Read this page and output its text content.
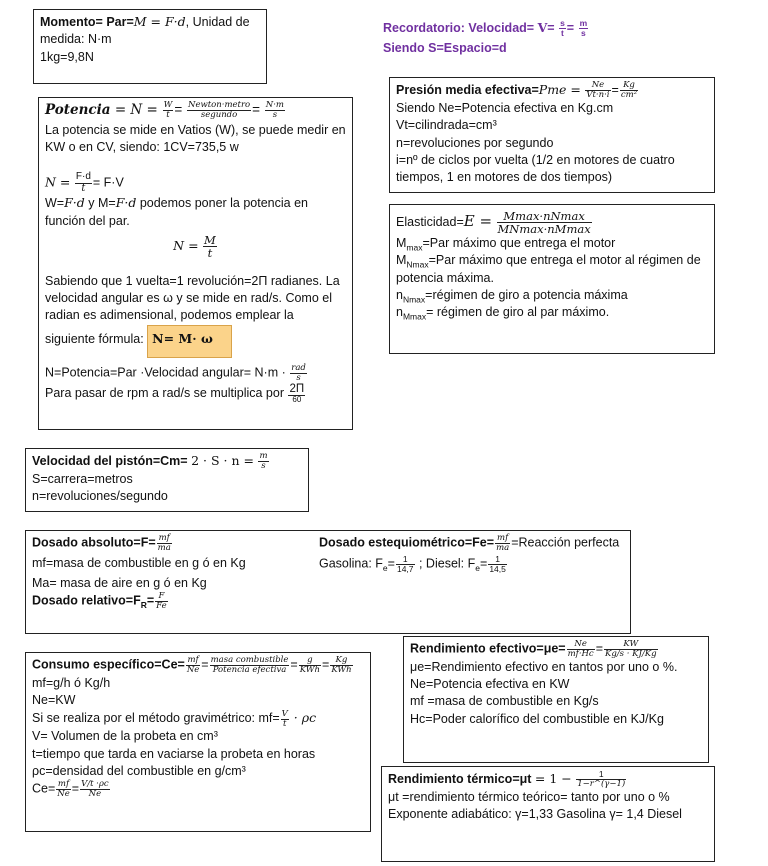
Momento= Par=M = F·d, Unidad de
medida: N·m
1kg=9,8N
Recordatorio: Velocidad= $V= \frac{s}{t} = \frac{m}{s}$
Siendo S=Espacio=d
Potencia = $N = \frac{W}{t} = \frac{\text{Newton·metro}}{\text{segundo}} = \frac{N\cdot m}{s}$
La potencia se mide en Vatios (W), se puede medir en KW o en CV, siendo: 1CV=735,5 w
$N = \frac{F\cdot d}{t} = F\cdot V$
W=F·d y M=F·d podemos poner la potencia en función del par.
$N = \frac{M}{t}$
Sabiendo que 1 vuelta=1 revolución=2Π radianes. La velocidad angular es ω y se mide en rad/s. Como el radian es adimensional, podemos emplear la siguiente fórmula: N= M· ω
N=Potencia=Par ·Velocidad angular= $N\cdot m \cdot \frac{\text{rad}}{s}$
Para pasar de rpm a rad/s se multiplica por $\frac{2\Pi}{60}$
Presión media efectiva=Pme = $\frac{Ne}{Vt\cdot n\cdot i} = \frac{Kg}{\text{cm²}}$
Siendo Ne=Potencia efectiva en Kg.cm
Vt=cilindrada=cm³
n=revoluciones por segundo
i=nº de ciclos por vuelta (1/2 en motores de cuatro tiempos, 1 en motores de dos tiempos)
Elasticidad=E = $\frac{Mmax\cdot nNmax}{MNmax\cdot nMmax}$
$M_{max}=Par$ máximo que entrega el motor
$M_{Nmax}=Par$ máximo que entrega el motor al régimen de potencia máxima.
$n_{Nmax}=régimen$ de giro a potencia máxima
$n_{Mmax}=$ régimen de giro al par máximo.
Velocidad del pistón=Cm= $2 \cdot S \cdot n = \frac{m}{s}$
S=carrera=metros
n=revoluciones/segundo
Dosado absoluto=F= $\frac{mf}{ma}$
mf=masa de combustible en g ó en Kg
Ma= masa de aire en g ó en Kg
Dosado $relativo=F_R= \frac{F}{Fe}$
Dosado estequiométrico=Fe= $\frac{mf}{ma}$ =Reacción perfecta
Gasolina: $F_e= \frac{1}{14,7}$ ; Diesel: $F_e= \frac{1}{14,5}$
Consumo específico=Ce= $\frac{mf}{Ne} = \frac{\text{masa combustible}}{\text{Potencia efectiva}} = \frac{g}{\text{KWh}} = \frac{Kg}{\text{KWh}}$
mf=g/h ó Kg/h
Ne=KW
Si se realiza por el método gravimétrico: $mf= \frac{V}{t} \cdot \rho c$
V= Volumen de la probeta en cm³
t=tiempo que tarda en vaciarse la probeta en horas
ρc=densidad del combustible en g/cm³
$Ce= \frac{mf}{Ne} = \frac{V/t \cdot\rho c}{Ne}$
Rendimiento efectivo=μe= $\frac{Ne}{mf\cdot Hc} = \frac{KW}{Kg/s \cdot KJ/Kg}$
μe=Rendimiento efectivo en tantos por uno o %.
Ne=Potencia efectiva en KW
mf =masa de combustible en Kg/s
Hc=Poder calorífico del combustible en KJ/Kg
Rendimiento térmico=μt = $1 - \frac{1}{1-r\^{}(\gamma-1)}$
μt =rendimiento térmico teórico= tanto por uno o %
Exponente adiabático: γ=1,33 Gasolina γ= 1,4 Diesel
